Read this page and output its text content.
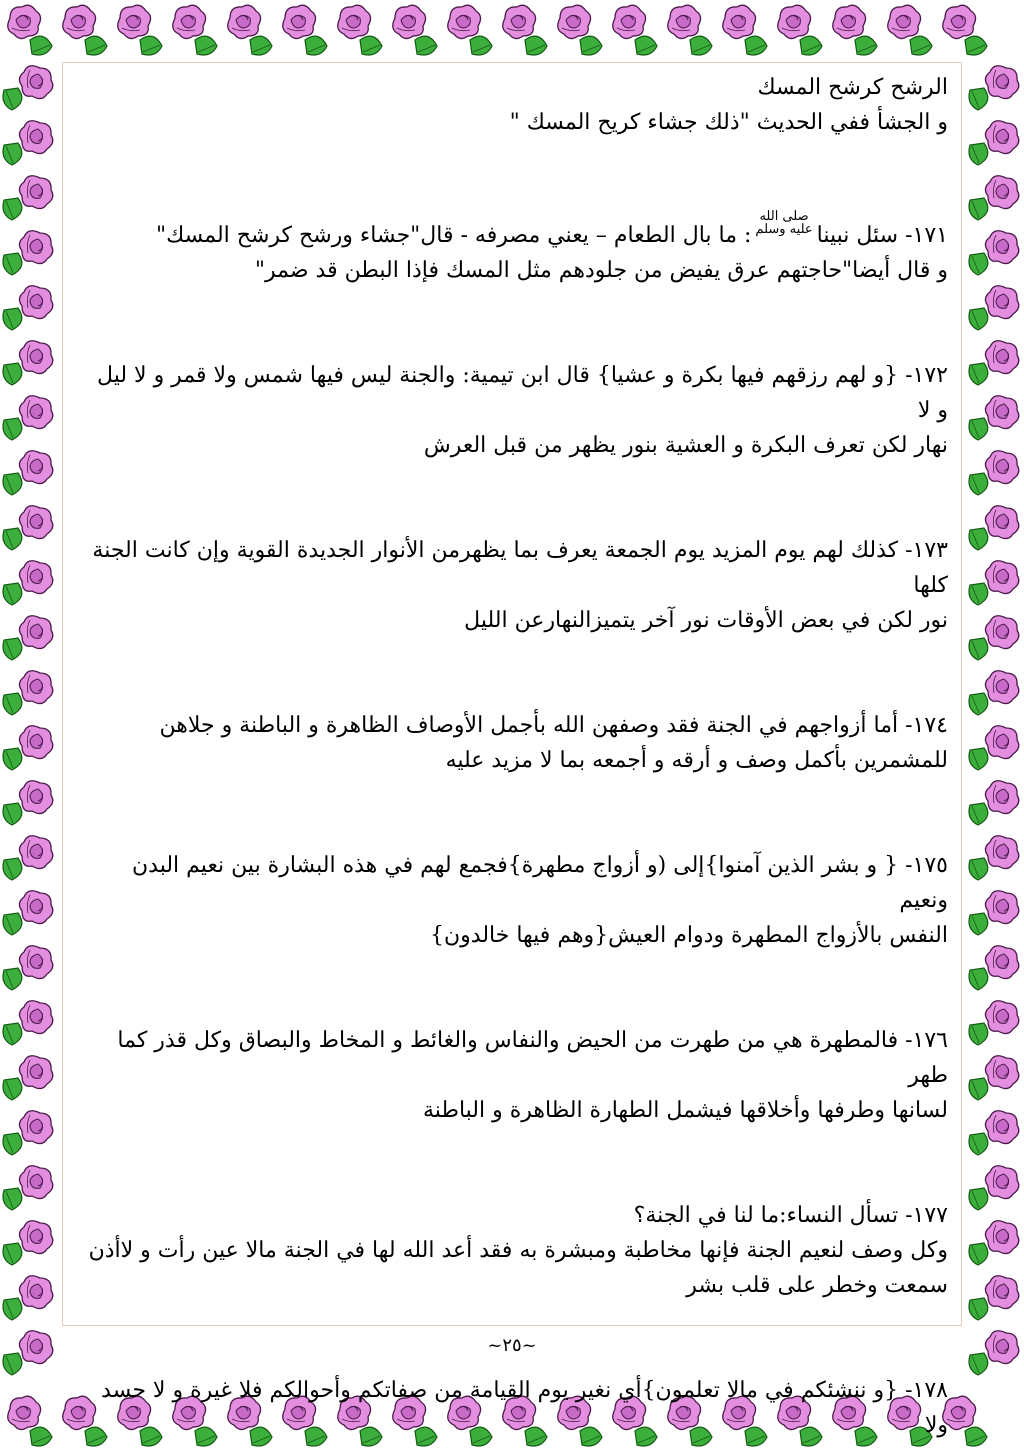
الرشح كرشح المسك

و الجشأ ففي الحديث "ذلك جشاء كريح المسك "

١٧١- سئل نبينا
صلى الله
عليه وسلم
: ما بال الطعام – يعني مصرفه - قال"جشاء ورشح كرشح المسك"

و قال أيضا"حاجتهم عرق يفيض من جلودهم مثل المسك فإذا البطن قد ضمر"

١٧٢- {و لهم رزقهم فيها بكرة و عشيا} قال ابن تيمية: والجنة ليس فيها شمس ولا قمر و لا ليل و لا

نهار لكن تعرف البكرة و العشية بنور يظهر من قبل العرش

١٧٣- كذلك لهم يوم المزيد يوم الجمعة يعرف بما يظهرمن الأنوار الجديدة القوية وإن كانت الجنة كلها

نور لكن في بعض الأوقات نور آخر يتميزالنهارعن الليل

١٧٤- أما أزواجهم في الجنة فقد وصفهن الله بأجمل الأوصاف الظاهرة و الباطنة و جلاهن

للمشمرين بأكمل وصف و أرقه و أجمعه بما لا مزيد عليه

١٧٥- { و بشر الذين آمنوا}إلى (و أزواج مطهرة}فجمع لهم في هذه البشارة بين نعيم البدن ونعيم

النفس بالأزواج المطهرة ودوام العيش{وهم فيها خالدون}

١٧٦- فالمطهرة هي من طهرت من الحيض والنفاس والغائط و المخاط والبصاق وكل قذر كما طهر

لسانها وطرفها وأخلاقها فيشمل الطهارة الظاهرة و الباطنة

١٧٧- تسأل النساء:ما لنا في الجنة؟

وكل وصف لنعيم الجنة فإنها مخاطبة ومبشرة به فقد أعد الله لها في الجنة مالا عين رأت و لاأذن

سمعت وخطر على قلب بشر

١٧٨- {و ننشئكم في مالا تعلمون}أي نغير يوم القيامة من صفاتكم وأحوالكم فلا غيرة و لا حسد ولا

~٢٥~
